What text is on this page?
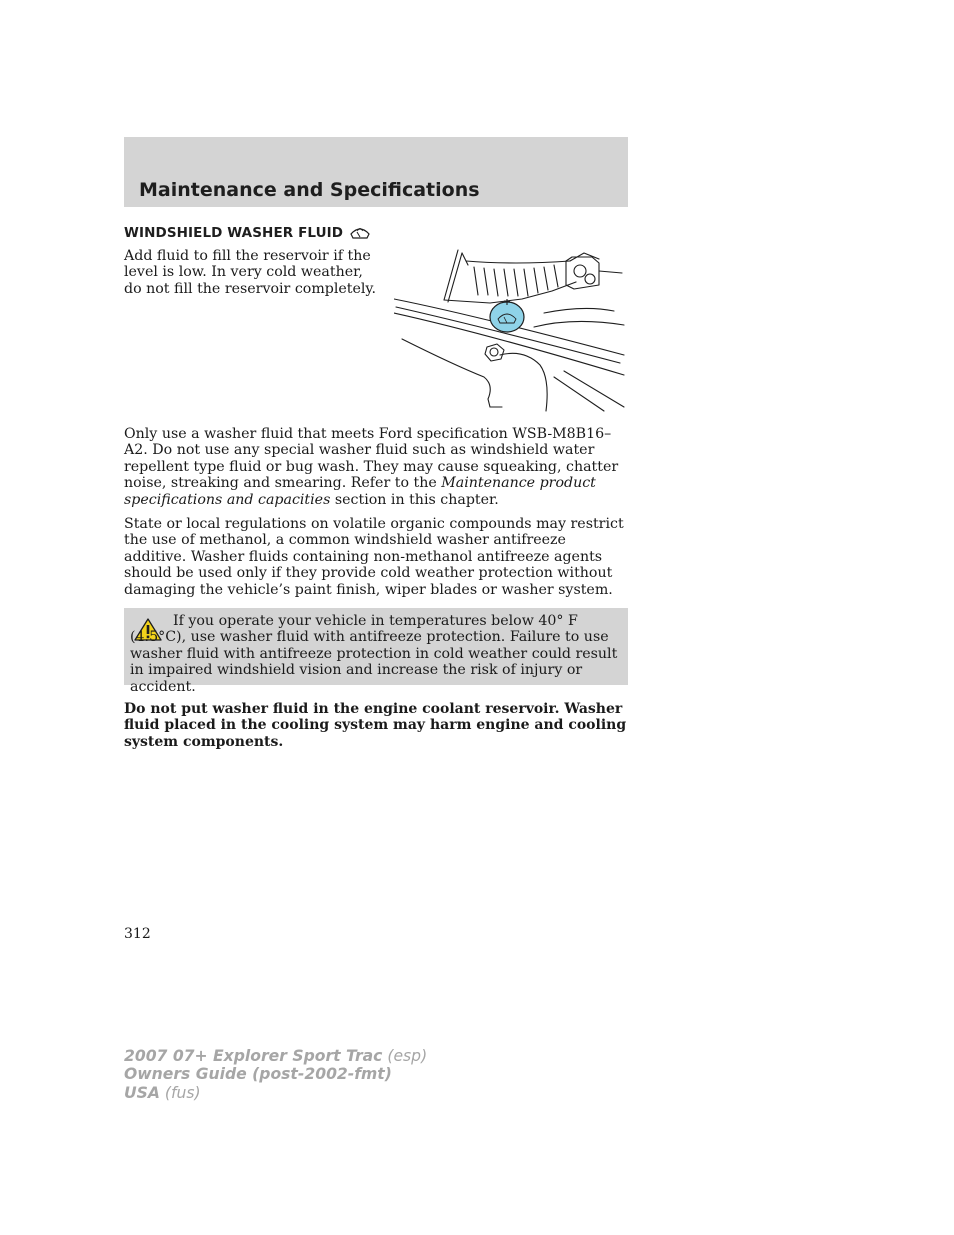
Maintenance and Specifications
WINDSHIELD WASHER FLUID

Add fluid to fill the reservoir if the level is low. In very cold weather, do not fill the reservoir completely.

Only use a washer fluid that meets Ford specification WSB-M8B16–A2. Do not use any special washer fluid such as windshield water repellent type fluid or bug wash. They may cause squeaking, chatter noise, streaking and smearing. Refer to the Maintenance product specifications and capacities section in this chapter.

State or local regulations on volatile organic compounds may restrict the use of methanol, a common windshield washer antifreeze additive. Washer fluids containing non-methanol antifreeze agents should be used only if they provide cold weather protection without damaging the vehicle’s paint finish, wiper blades or washer system.

If you operate your vehicle in temperatures below 40° F (4.5°C), use washer fluid with antifreeze protection. Failure to use washer fluid with antifreeze protection in cold weather could result in impaired windshield vision and increase the risk of injury or accident.

Do not put washer fluid in the engine coolant reservoir. Washer fluid placed in the cooling system may harm engine and cooling system components.

312

2007 07+ Explorer Sport Trac (esp)
Owners Guide (post-2002-fmt)
USA (fus)
